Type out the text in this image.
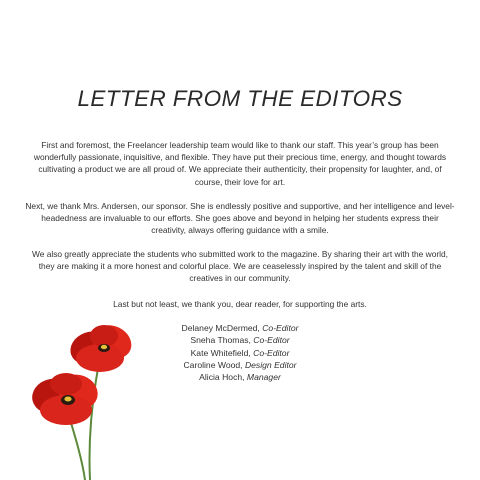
LETTER FROM THE EDITORS

First and foremost, the Freelancer leadership team would like to thank our staff. This year’s group has been wonderfully passionate, inquisitive, and flexible. They have put their precious time, energy, and thought towards cultivating a product we are all proud of. We appreciate their authenticity, their propensity for laughter, and, of course, their love for art.

Next, we thank Mrs. Andersen, our sponsor. She is endlessly positive and supportive, and her intelligence and level-headedness are invaluable to our efforts. She goes above and beyond in helping her students express their creativity, always offering guidance with a smile.

We also greatly appreciate the students who submitted work to the magazine. By sharing their art with the world, they are making it a more honest and colorful place. We are ceaselessly inspired by the talent and skill of the creatives in our community.

Last but not least, we thank you, dear reader, for supporting the arts.

Delaney McDermed, Co-Editor
Sneha Thomas, Co-Editor
Kate Whitefield, Co-Editor
Caroline Wood, Design Editor
Alicia Hoch, Manager
